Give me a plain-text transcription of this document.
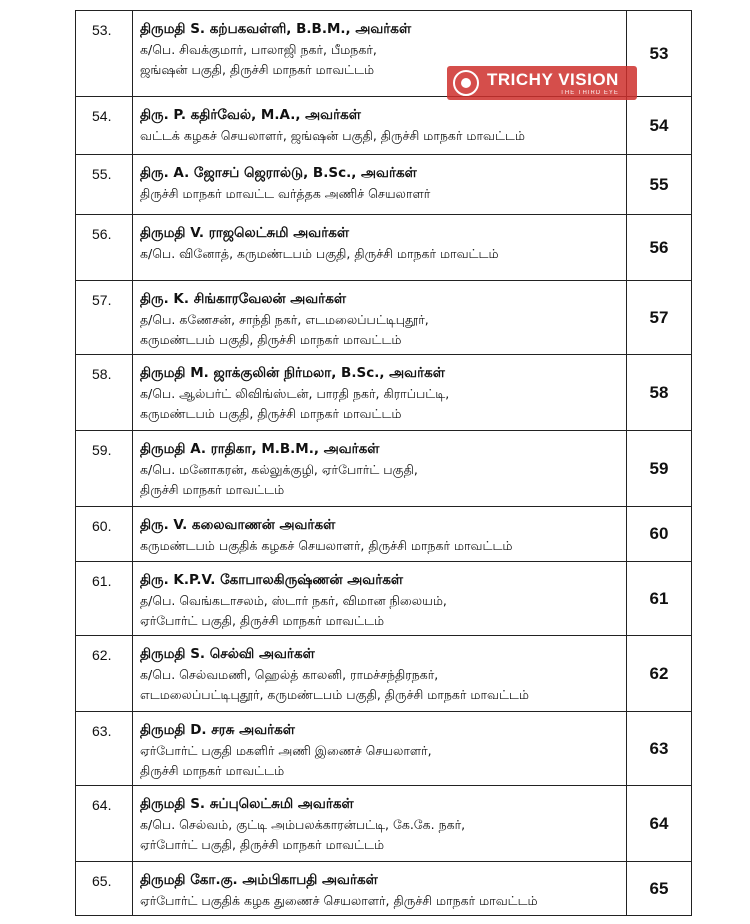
53.	திருமதி S. கற்பகவள்ளி, B.B.M., அவர்கள்
க/பெ. சிவக்குமார், பாலாஜி நகர், பீமநகர்,
ஜங்ஷன் பகுதி, திருச்சி மாநகர் மாவட்டம்	53
54.	திரு. P. கதிர்வேல், M.A., அவர்கள்
வட்டக் கழகச் செயலாளர், ஜங்ஷன் பகுதி, திருச்சி மாநகர் மாவட்டம்	54
55.	திரு. A. ஜோசப் ஜெரால்டு, B.Sc., அவர்கள்
திருச்சி மாநகர் மாவட்ட வர்த்தக அணிச் செயலாளர்	55
56.	திருமதி V. ராஜலெட்சுமி அவர்கள்
க/பெ. வினோத், கருமண்டபம் பகுதி, திருச்சி மாநகர் மாவட்டம்	56
57.	திரு. K. சிங்காரவேலன் அவர்கள்
த/பெ. கணேசன், சாந்தி நகர், எடமலைப்பட்டிபுதூர்,
கருமண்டபம் பகுதி, திருச்சி மாநகர் மாவட்டம்	57
58.	திருமதி M. ஜாக்குலின் நிர்மலா, B.Sc., அவர்கள்
க/பெ. ஆல்பர்ட் லிவிங்ஸ்டன், பாரதி நகர், கிராப்பட்டி,
கருமண்டபம் பகுதி, திருச்சி மாநகர் மாவட்டம்	58
59.	திருமதி A. ராதிகா, M.B.M., அவர்கள்
க/பெ. மனோகரன், கல்லுக்குழி, ஏர்போர்ட் பகுதி,
திருச்சி மாநகர் மாவட்டம்	59
60.	திரு. V. கலைவாணன் அவர்கள்
கருமண்டபம் பகுதிக் கழகச் செயலாளர், திருச்சி மாநகர் மாவட்டம்	60
61.	திரு. K.P.V. கோபாலகிருஷ்ணன் அவர்கள்
த/பெ. வெங்கடாசலம், ஸ்டார் நகர், விமான நிலையம்,
ஏர்போர்ட் பகுதி, திருச்சி மாநகர் மாவட்டம்	61
62.	திருமதி S. செல்வி அவர்கள்
க/பெ. செல்வமணி, ஹெல்த் காலனி, ராமச்சந்திரநகர்,
எடமலைப்பட்டிபுதூர், கருமண்டபம் பகுதி, திருச்சி மாநகர் மாவட்டம்	62
63.	திருமதி D. சரசு அவர்கள்
ஏர்போர்ட் பகுதி மகளிர் அணி இணைச் செயலாளர்,
திருச்சி மாநகர் மாவட்டம்	63
64.	திருமதி S. சுப்புலெட்சுமி அவர்கள்
க/பெ. செல்வம், குட்டி அம்பலக்காரன்பட்டி, கே.கே. நகர்,
ஏர்போர்ட் பகுதி, திருச்சி மாநகர் மாவட்டம்	64
65.	திருமதி கோ.கு. அம்பிகாபதி அவர்கள்
ஏர்போர்ட் பகுதிக் கழக துணைச் செயலாளர், திருச்சி மாநகர் மாவட்டம்	65
TRICHY VISION
THE THIRD EYE
